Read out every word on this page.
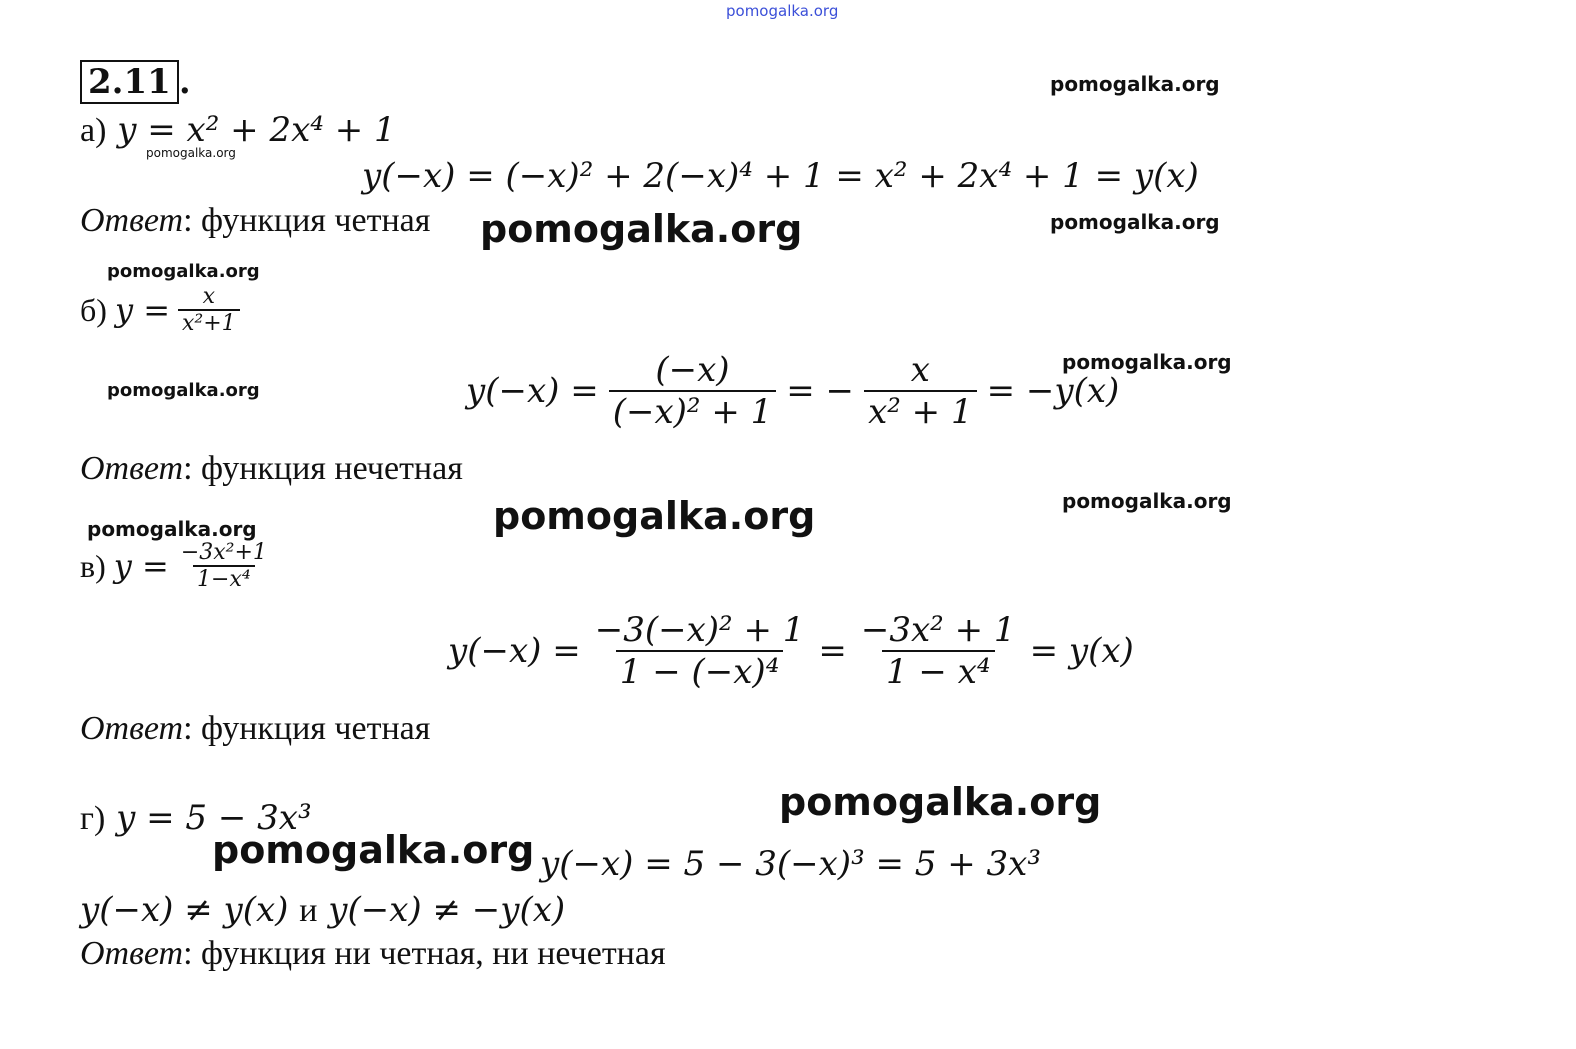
pomogalka.org
2.11 .	pomogalka.org
pomogalka.org
pomogalka.org
pomogalka.org
pomogalka.org
pomogalka.org
pomogalka.org
pomogalka.org
pomogalka.org
pomogalka.org
pomogalka.org
pomogalka.org
а) y = x² + 2x⁴ + 1
y(−x) = (−x)² + 2(−x)⁴ + 1 = x² + 2x⁴ + 1 = y(x)
Ответ: функция четная
б) $y = \frac{x}{\text{x²+1}}$
$y(-x) = \frac{(-x)}{\text{(−x)² + 1}}$ = − $\frac{x}{\text{x² + 1}} = -y(x)$
Ответ: функция нечетная
в) $y = \frac{\text{−3x²+1}}{\text{1−x⁴}}$
$y(-x) = \frac{\text{−3(−x)² + 1}}{\text{1 − (−x)⁴}} = \frac{\text{−3x² + 1}}{\text{1 − x⁴}} = y(x)$
Ответ: функция четная
г) y = 5 − 3x³
y(−x) = 5 − 3(−x)³ = 5 + 3x³
y(−x) ≠ y(x) и y(−x) ≠ −y(x)
Ответ: функция ни четная, ни нечетная
